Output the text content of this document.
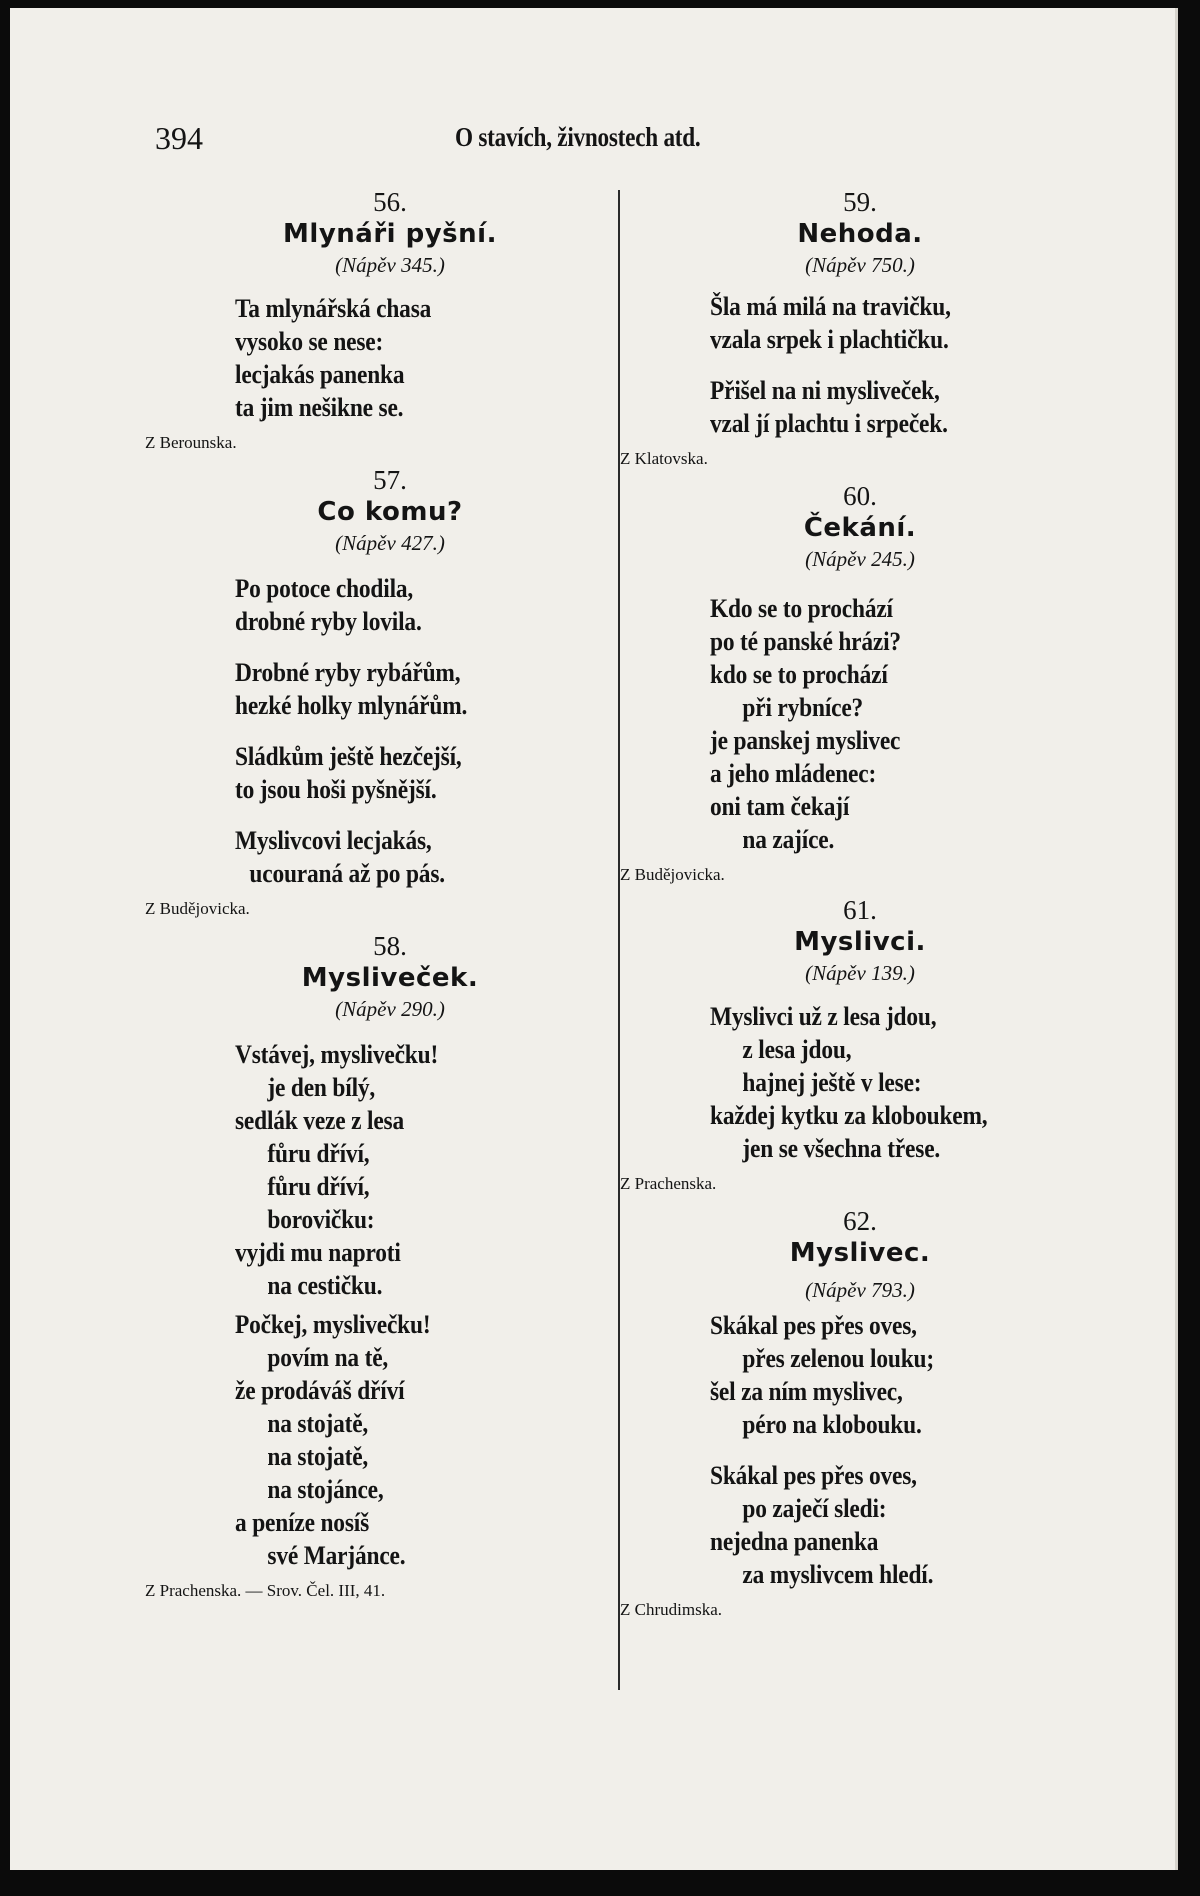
394	O stavích, živnostech atd.
56.
Mlynáři pyšní.
(Nápěv 345.)
Ta mlynářská chasa
vysoko se nese:
lecjakás panenka
ta jim nešikne se.
Z Berounska.
57.
Co komu?
(Nápěv 427.)
Po potoce chodila,
drobné ryby lovila.
Drobné ryby rybářům,
hezké holky mlynářům.
Sládkům ještě hezčejší,
to jsou hoši pyšnější.
Myslivcovi lecjakás,
ucouraná až po pás.
Z Budějovicka.
58.
Mysliveček.
(Nápěv 290.)
Vstávej, myslivečku!
je den bílý,
sedlák veze z lesa
fůru dříví,
fůru dříví,
borovičku:
vyjdi mu naproti
na cestičku.
Počkej, myslivečku!
povím na tě,
že prodáváš dříví
na stojatě,
na stojatě,
na stojánce,
a peníze nosíš
své Marjánce.
Z Prachenska. — Srov. Čel. III, 41.
59.
Nehoda.
(Nápěv 750.)
Šla má milá na travičku,
vzala srpek i plachtičku.
Přišel na ni mysliveček,
vzal jí plachtu i srpeček.
Z Klatovska.
60.
Čekání.
(Nápěv 245.)
Kdo se to prochází
po té panské hrázi?
kdo se to prochází
při rybníce?
je panskej myslivec
a jeho mládenec:
oni tam čekají
na zajíce.
Z Budějovicka.
61.
Myslivci.
(Nápěv 139.)
Myslivci už z lesa jdou,
z lesa jdou,
hajnej ještě v lese:
každej kytku za kloboukem,
jen se všechna třese.
Z Prachenska.
62.
Myslivec.
(Nápěv 793.)
Skákal pes přes oves,
přes zelenou louku;
šel za ním myslivec,
péro na klobouku.
Skákal pes přes oves,
po zaječí sledi:
nejedna panenka
za myslivcem hledí.
Z Chrudimska.
